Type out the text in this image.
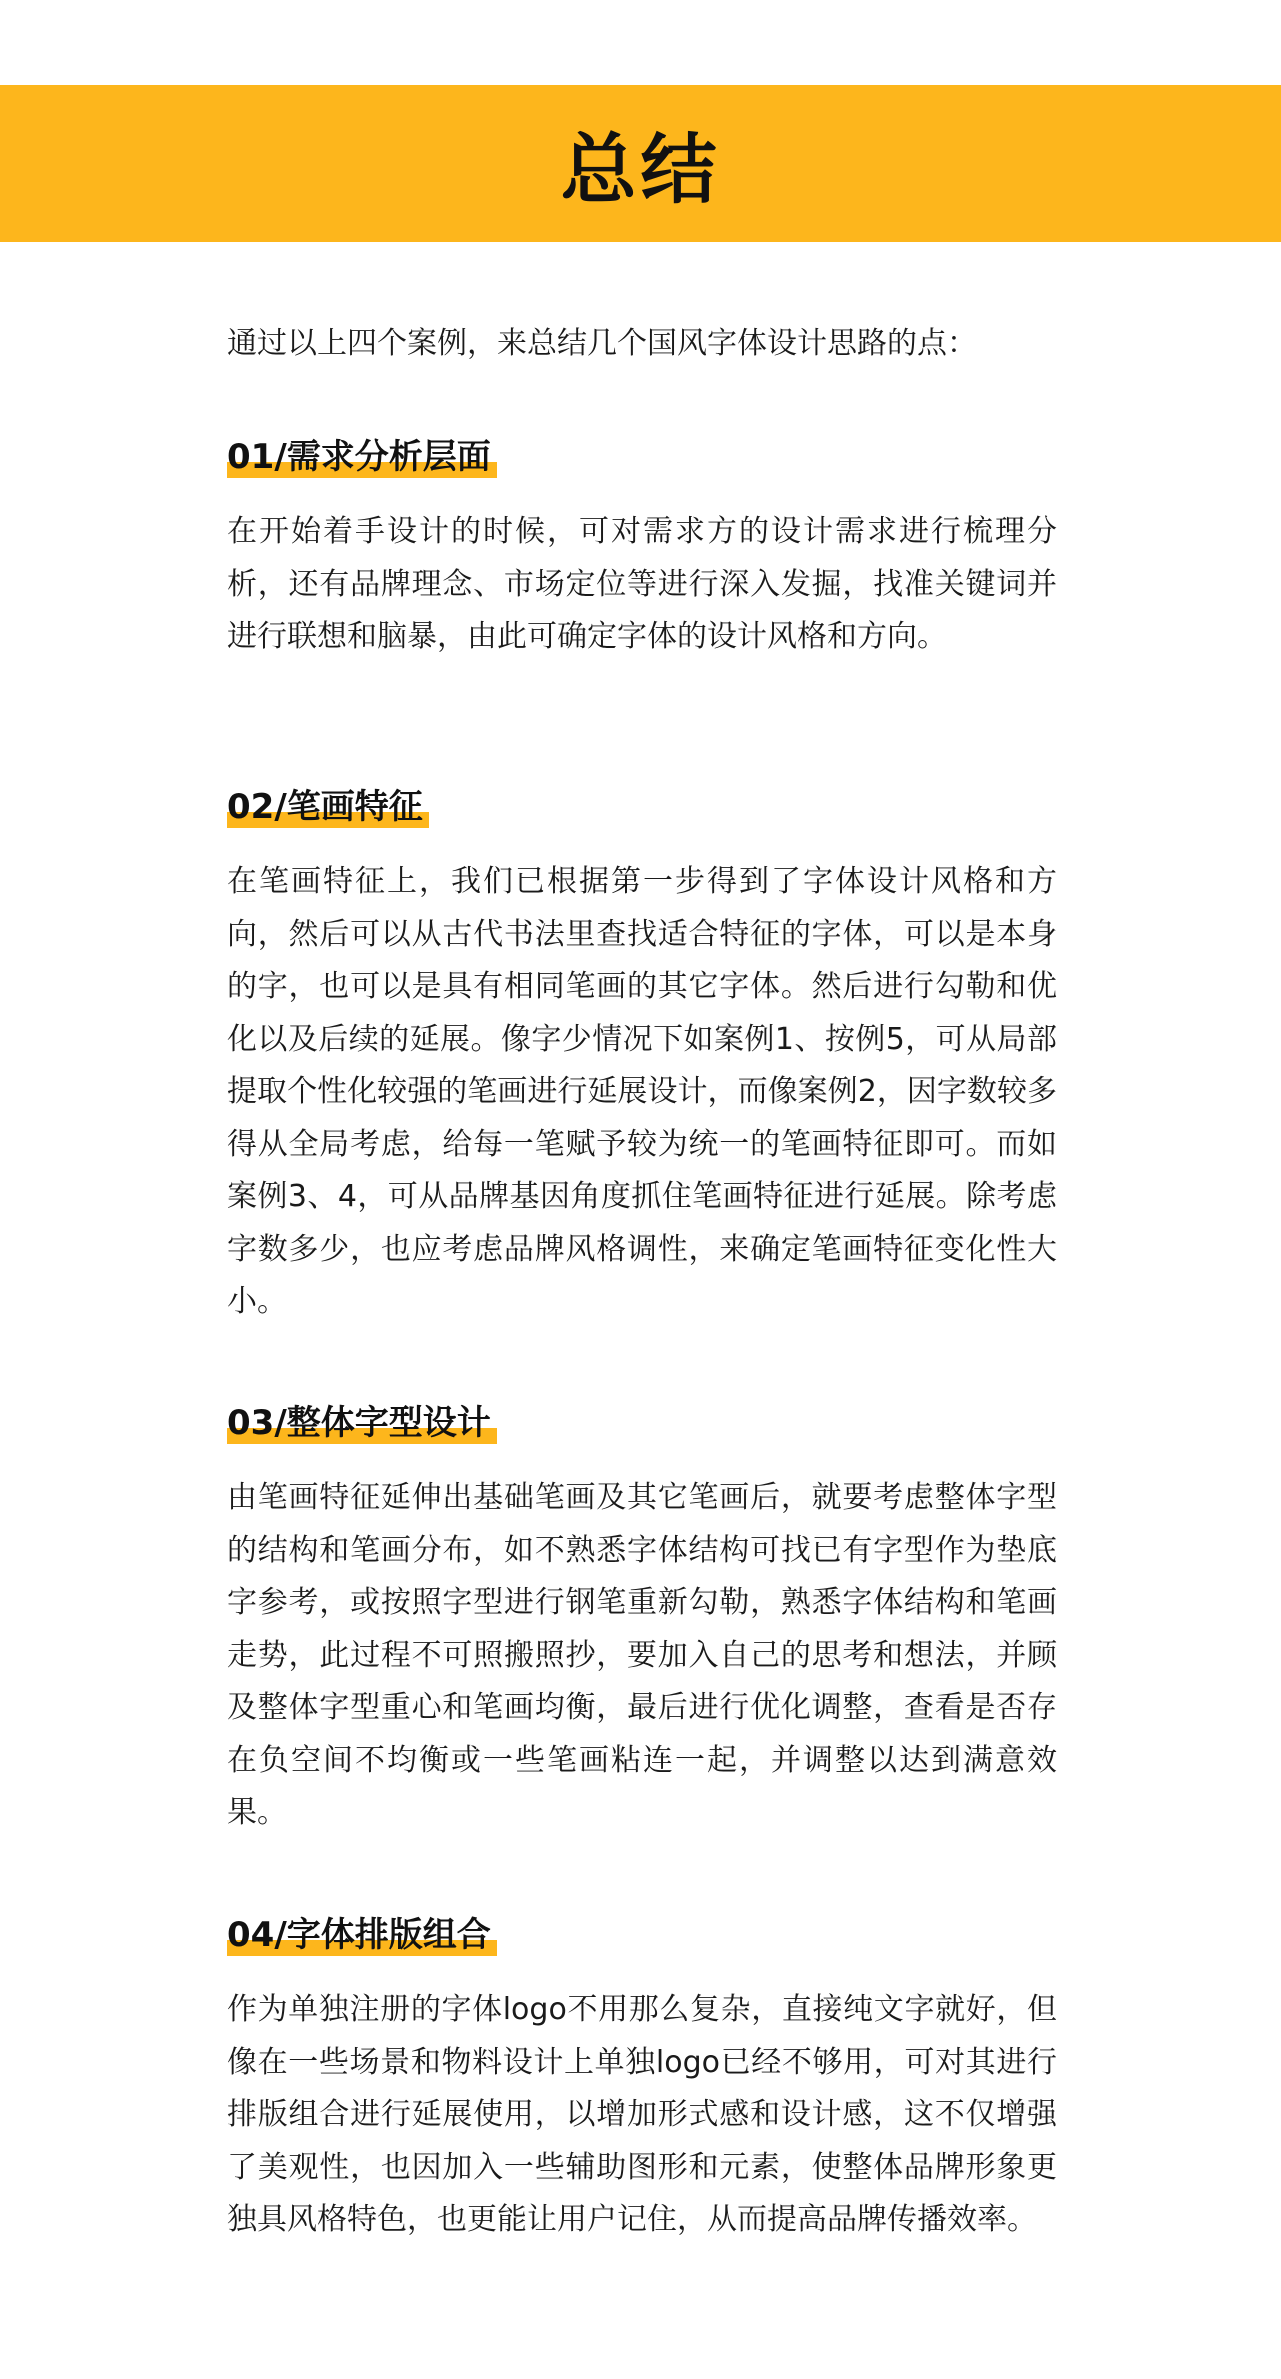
总结

通过以上四个案例，来总结几个国风字体设计思路的点：

01/需求分析层面

在开始着手设计的时候，可对需求方的设计需求进行梳理分析，还有品牌理念、市场定位等进行深入发掘，找准关键词并进行联想和脑暴，由此可确定字体的设计风格和方向。

02/笔画特征

在笔画特征上，我们已根据第一步得到了字体设计风格和方向，然后可以从古代书法里查找适合特征的字体，可以是本身的字，也可以是具有相同笔画的其它字体。然后进行勾勒和优化以及后续的延展。像字少情况下如案例1、按例5，可从局部提取个性化较强的笔画进行延展设计，而像案例2，因字数较多得从全局考虑，给每一笔赋予较为统一的笔画特征即可。而如案例3、4，可从品牌基因角度抓住笔画特征进行延展。除考虑字数多少，也应考虑品牌风格调性，来确定笔画特征变化性大小。

03/整体字型设计

由笔画特征延伸出基础笔画及其它笔画后，就要考虑整体字型的结构和笔画分布，如不熟悉字体结构可找已有字型作为垫底字参考，或按照字型进行钢笔重新勾勒，熟悉字体结构和笔画走势，此过程不可照搬照抄，要加入自己的思考和想法，并顾及整体字型重心和笔画均衡，最后进行优化调整，查看是否存在负空间不均衡或一些笔画粘连一起，并调整以达到满意效果。

04/字体排版组合

作为单独注册的字体logo不用那么复杂，直接纯文字就好，但像在一些场景和物料设计上单独logo已经不够用，可对其进行排版组合进行延展使用，以增加形式感和设计感，这不仅增强了美观性，也因加入一些辅助图形和元素，使整体品牌形象更独具风格特色，也更能让用户记住，从而提高品牌传播效率。
